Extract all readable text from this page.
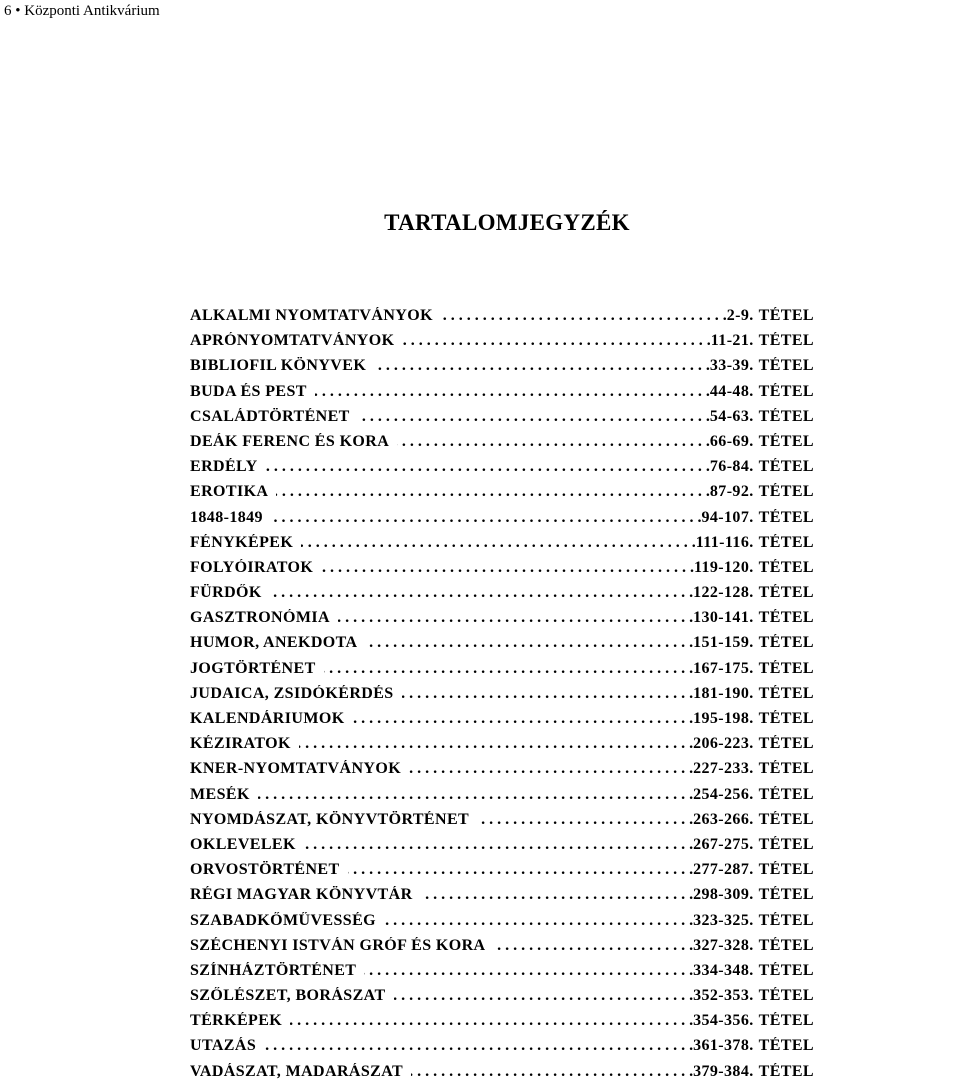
6 • Központi Antikvárium
TARTALOMJEGYZÉK
ALKALMI NYOMTATVÁNYOK . . .	2-9. TÉTEL
APRÓNYOMTATVÁNYOK . . .	11-21. TÉTEL
BIBLIOFIL KÖNYVEK . . .	33-39. TÉTEL
BUDA ÉS PEST . . .	44-48. TÉTEL
CSALÁDTÖRTÉNET . . .	54-63. TÉTEL
DEÁK FERENC ÉS KORA . . .	66-69. TÉTEL
ERDÉLY . . .	76-84. TÉTEL
EROTIKA . . .	87-92. TÉTEL
1848-1849 . . .	94-107. TÉTEL
FÉNYKÉPEK . . .	111-116. TÉTEL
FOLYÓIRATOK . . .	119-120. TÉTEL
FÜRDŐK . . .	122-128. TÉTEL
GASZTRONÓMIA . . .	130-141. TÉTEL
HUMOR, ANEKDOTA . . .	151-159. TÉTEL
JOGTÖRTÉNET . . .	167-175. TÉTEL
JUDAICA, ZSIDÓKÉRDÉS . . .	181-190. TÉTEL
KALENDÁRIUMOK . . .	195-198. TÉTEL
KÉZIRATOK . . .	206-223. TÉTEL
KNER-NYOMTATVÁNYOK . . .	227-233. TÉTEL
MESÉK . . .	254-256. TÉTEL
NYOMDÁSZAT, KÖNYVTÖRTÉNET . . .	263-266. TÉTEL
OKLEVELEK . . .	267-275. TÉTEL
ORVOSTÖRTÉNET . . .	277-287. TÉTEL
RÉGI MAGYAR KÖNYVTÁR . . .	298-309. TÉTEL
SZABADKŐMŰVESSÉG . . .	323-325. TÉTEL
SZÉCHENYI ISTVÁN GRÓF ÉS KORA . . .	327-328. TÉTEL
SZÍNHÁZTÖRTÉNET . . .	334-348. TÉTEL
SZŐLÉSZET, BORÁSZAT . . .	352-353. TÉTEL
TÉRKÉPEK . . .	354-356. TÉTEL
UTAZÁS . . .	361-378. TÉTEL
VADÁSZAT, MADARÁSZAT . . .	379-384. TÉTEL
